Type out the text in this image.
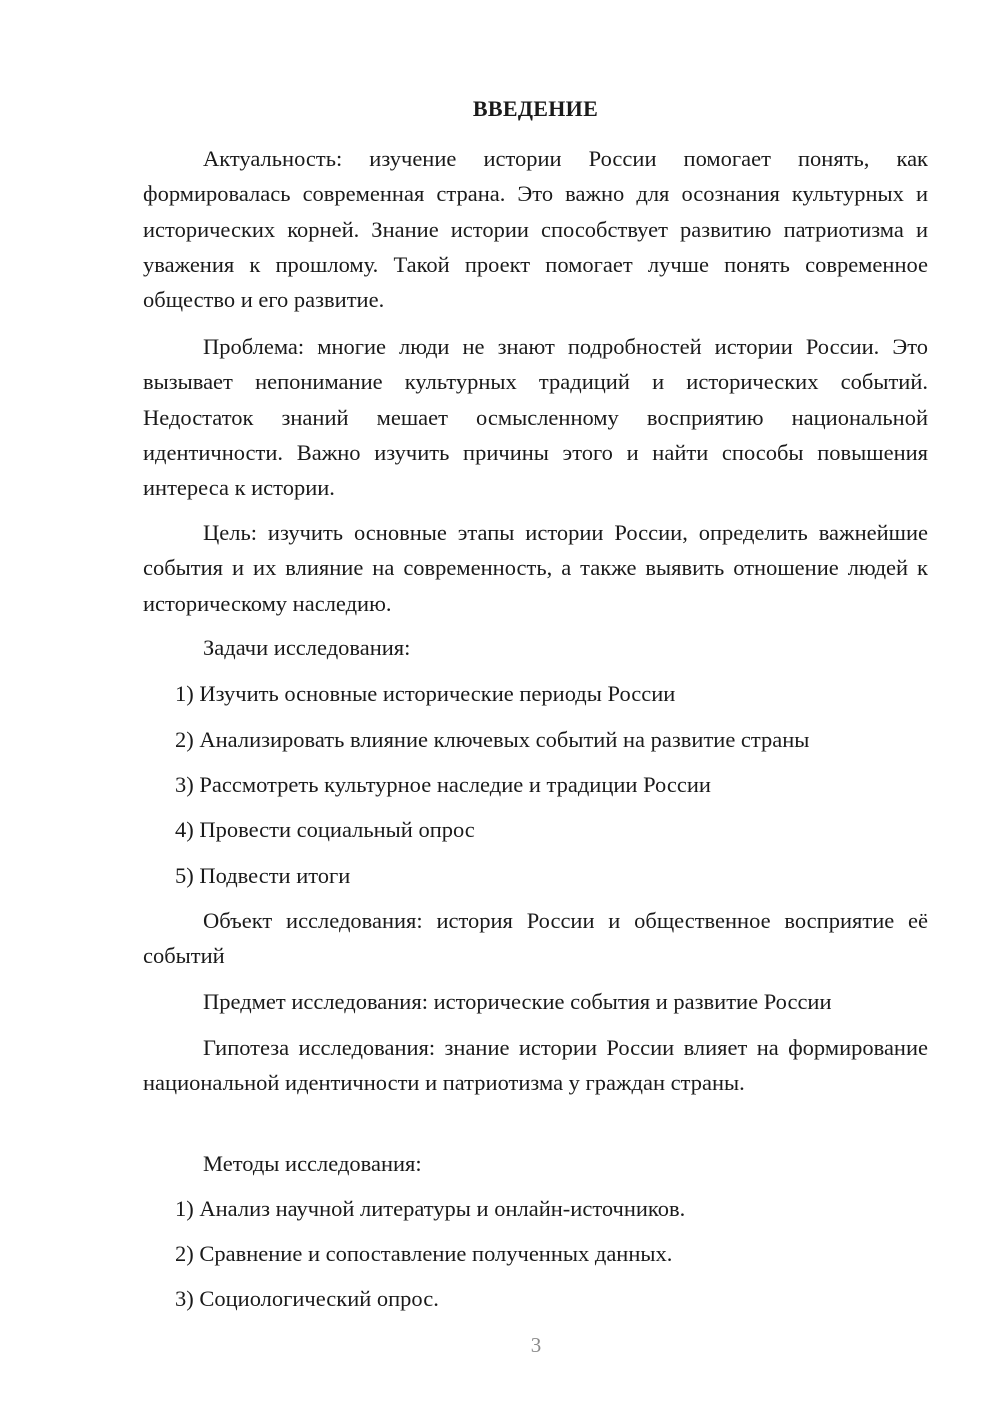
ВВЕДЕНИЕ

Актуальность: изучение истории России помогает понять, как формировалась современная страна. Это важно для осознания культурных и исторических корней. Знание истории способствует развитию патриотизма и уважения к прошлому. Такой проект помогает лучше понять современное общество и его развитие.

Проблема: многие люди не знают подробностей истории России. Это вызывает непонимание культурных традиций и исторических событий. Недостаток знаний мешает осмысленному восприятию национальной идентичности. Важно изучить причины этого и найти способы повышения интереса к истории.

Цель: изучить основные этапы истории России, определить важнейшие события и их влияние на современность, а также выявить отношение людей к историческому наследию.

Задачи исследования:

1) Изучить основные исторические периоды России

2) Анализировать влияние ключевых событий на развитие страны

3) Рассмотреть культурное наследие и традиции России

4) Провести социальный опрос

5) Подвести итоги

Объект исследования: история России и общественное восприятие её событий

Предмет исследования: исторические события и развитие России

Гипотеза исследования: знание истории России влияет на формирование национальной идентичности и патриотизма у граждан страны.

Методы исследования:

1) Анализ научной литературы и онлайн-источников.

2) Сравнение и сопоставление полученных данных.

3) Социологический опрос.

3
